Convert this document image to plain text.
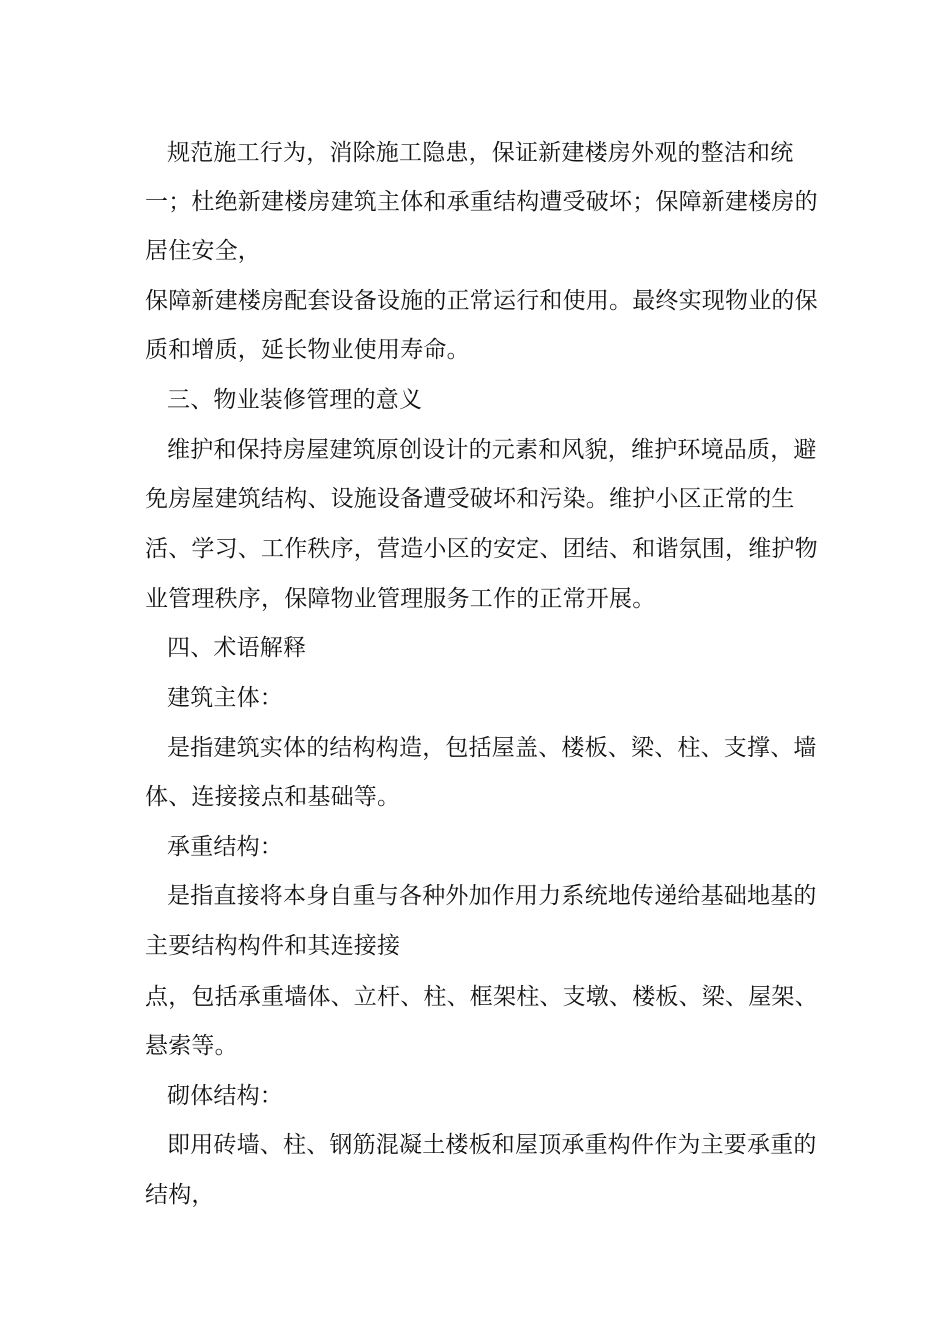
规范施工行为，消除施工隐患，保证新建楼房外观的整洁和统
一；杜绝新建楼房建筑主体和承重结构遭受破坏；保障新建楼房的
居住安全，
保障新建楼房配套设备设施的正常运行和使用。最终实现物业的保
质和增质，延长物业使用寿命。
三、物业装修管理的意义
维护和保持房屋建筑原创设计的元素和风貌，维护环境品质，避
免房屋建筑结构、设施设备遭受破坏和污染。维护小区正常的生
活、学习、工作秩序，营造小区的安定、团结、和谐氛围，维护物
业管理秩序，保障物业管理服务工作的正常开展。
四、术语解释
建筑主体：
是指建筑实体的结构构造，包括屋盖、楼板、梁、柱、支撑、墙
体、连接接点和基础等。
承重结构：
是指直接将本身自重与各种外加作用力系统地传递给基础地基的
主要结构构件和其连接接
点，包括承重墙体、立杆、柱、框架柱、支墩、楼板、梁、屋架、
悬索等。
砌体结构：
即用砖墙、柱、钢筋混凝土楼板和屋顶承重构件作为主要承重的
结构，
